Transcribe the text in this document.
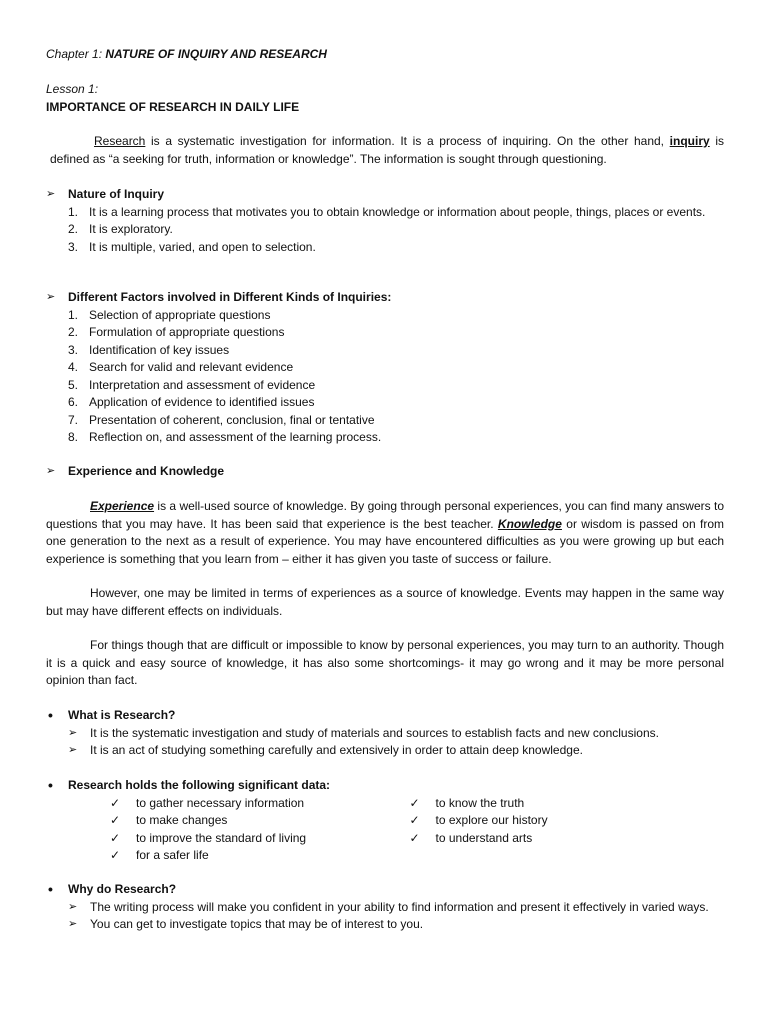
Chapter 1: NATURE OF INQUIRY AND RESEARCH
Lesson 1:
IMPORTANCE OF RESEARCH IN DAILY LIFE

Research is a systematic investigation for information. It is a process of inquiring. On the other hand, inquiry is defined as “a seeking for truth, information or knowledge”. The information is sought through questioning.

➢ Nature of Inquiry
1. It is a learning process that motivates you to obtain knowledge or information about people, things, places or events.
2. It is exploratory.
3. It is multiple, varied, and open to selection.
➢ Different Factors involved in Different Kinds of Inquiries:
1. Selection of appropriate questions
2. Formulation of appropriate questions
3. Identification of key issues
4. Search for valid and relevant evidence
5. Interpretation and assessment of evidence
6. Application of evidence to identified issues
7. Presentation of coherent, conclusion, final or tentative
8. Reflection on, and assessment of the learning process.
➢ Experience and Knowledge

Experience is a well-used source of knowledge. By going through personal experiences, you can find many answers to questions that you may have. It has been said that experience is the best teacher. Knowledge or wisdom is passed on from one generation to the next as a result of experience. You may have encountered difficulties as you were growing up but each experience is something that you learn from – either it has given you taste of success or failure.

However, one may be limited in terms of experiences as a source of knowledge. Events may happen in the same way but may have different effects on individuals.

For things though that are difficult or impossible to know by personal experiences, you may turn to an authority. Though it is a quick and easy source of knowledge, it has also some shortcomings- it may go wrong and it may be more personal opinion than fact.

• What is Research?
➢ It is the systematic investigation and study of materials and sources to establish facts and new conclusions.
➢ It is an act of studying something carefully and extensively in order to attain deep knowledge.
• Research holds the following significant data:
✓ to gather necessary information
✓ to make changes
✓ to improve the standard of living
✓ for a safer life
✓ to know the truth
✓ to explore our history
✓ to understand arts
• Why do Research?
➢ The writing process will make you confident in your ability to find information and present it effectively in varied ways.
➢ You can get to investigate topics that may be of interest to you.
